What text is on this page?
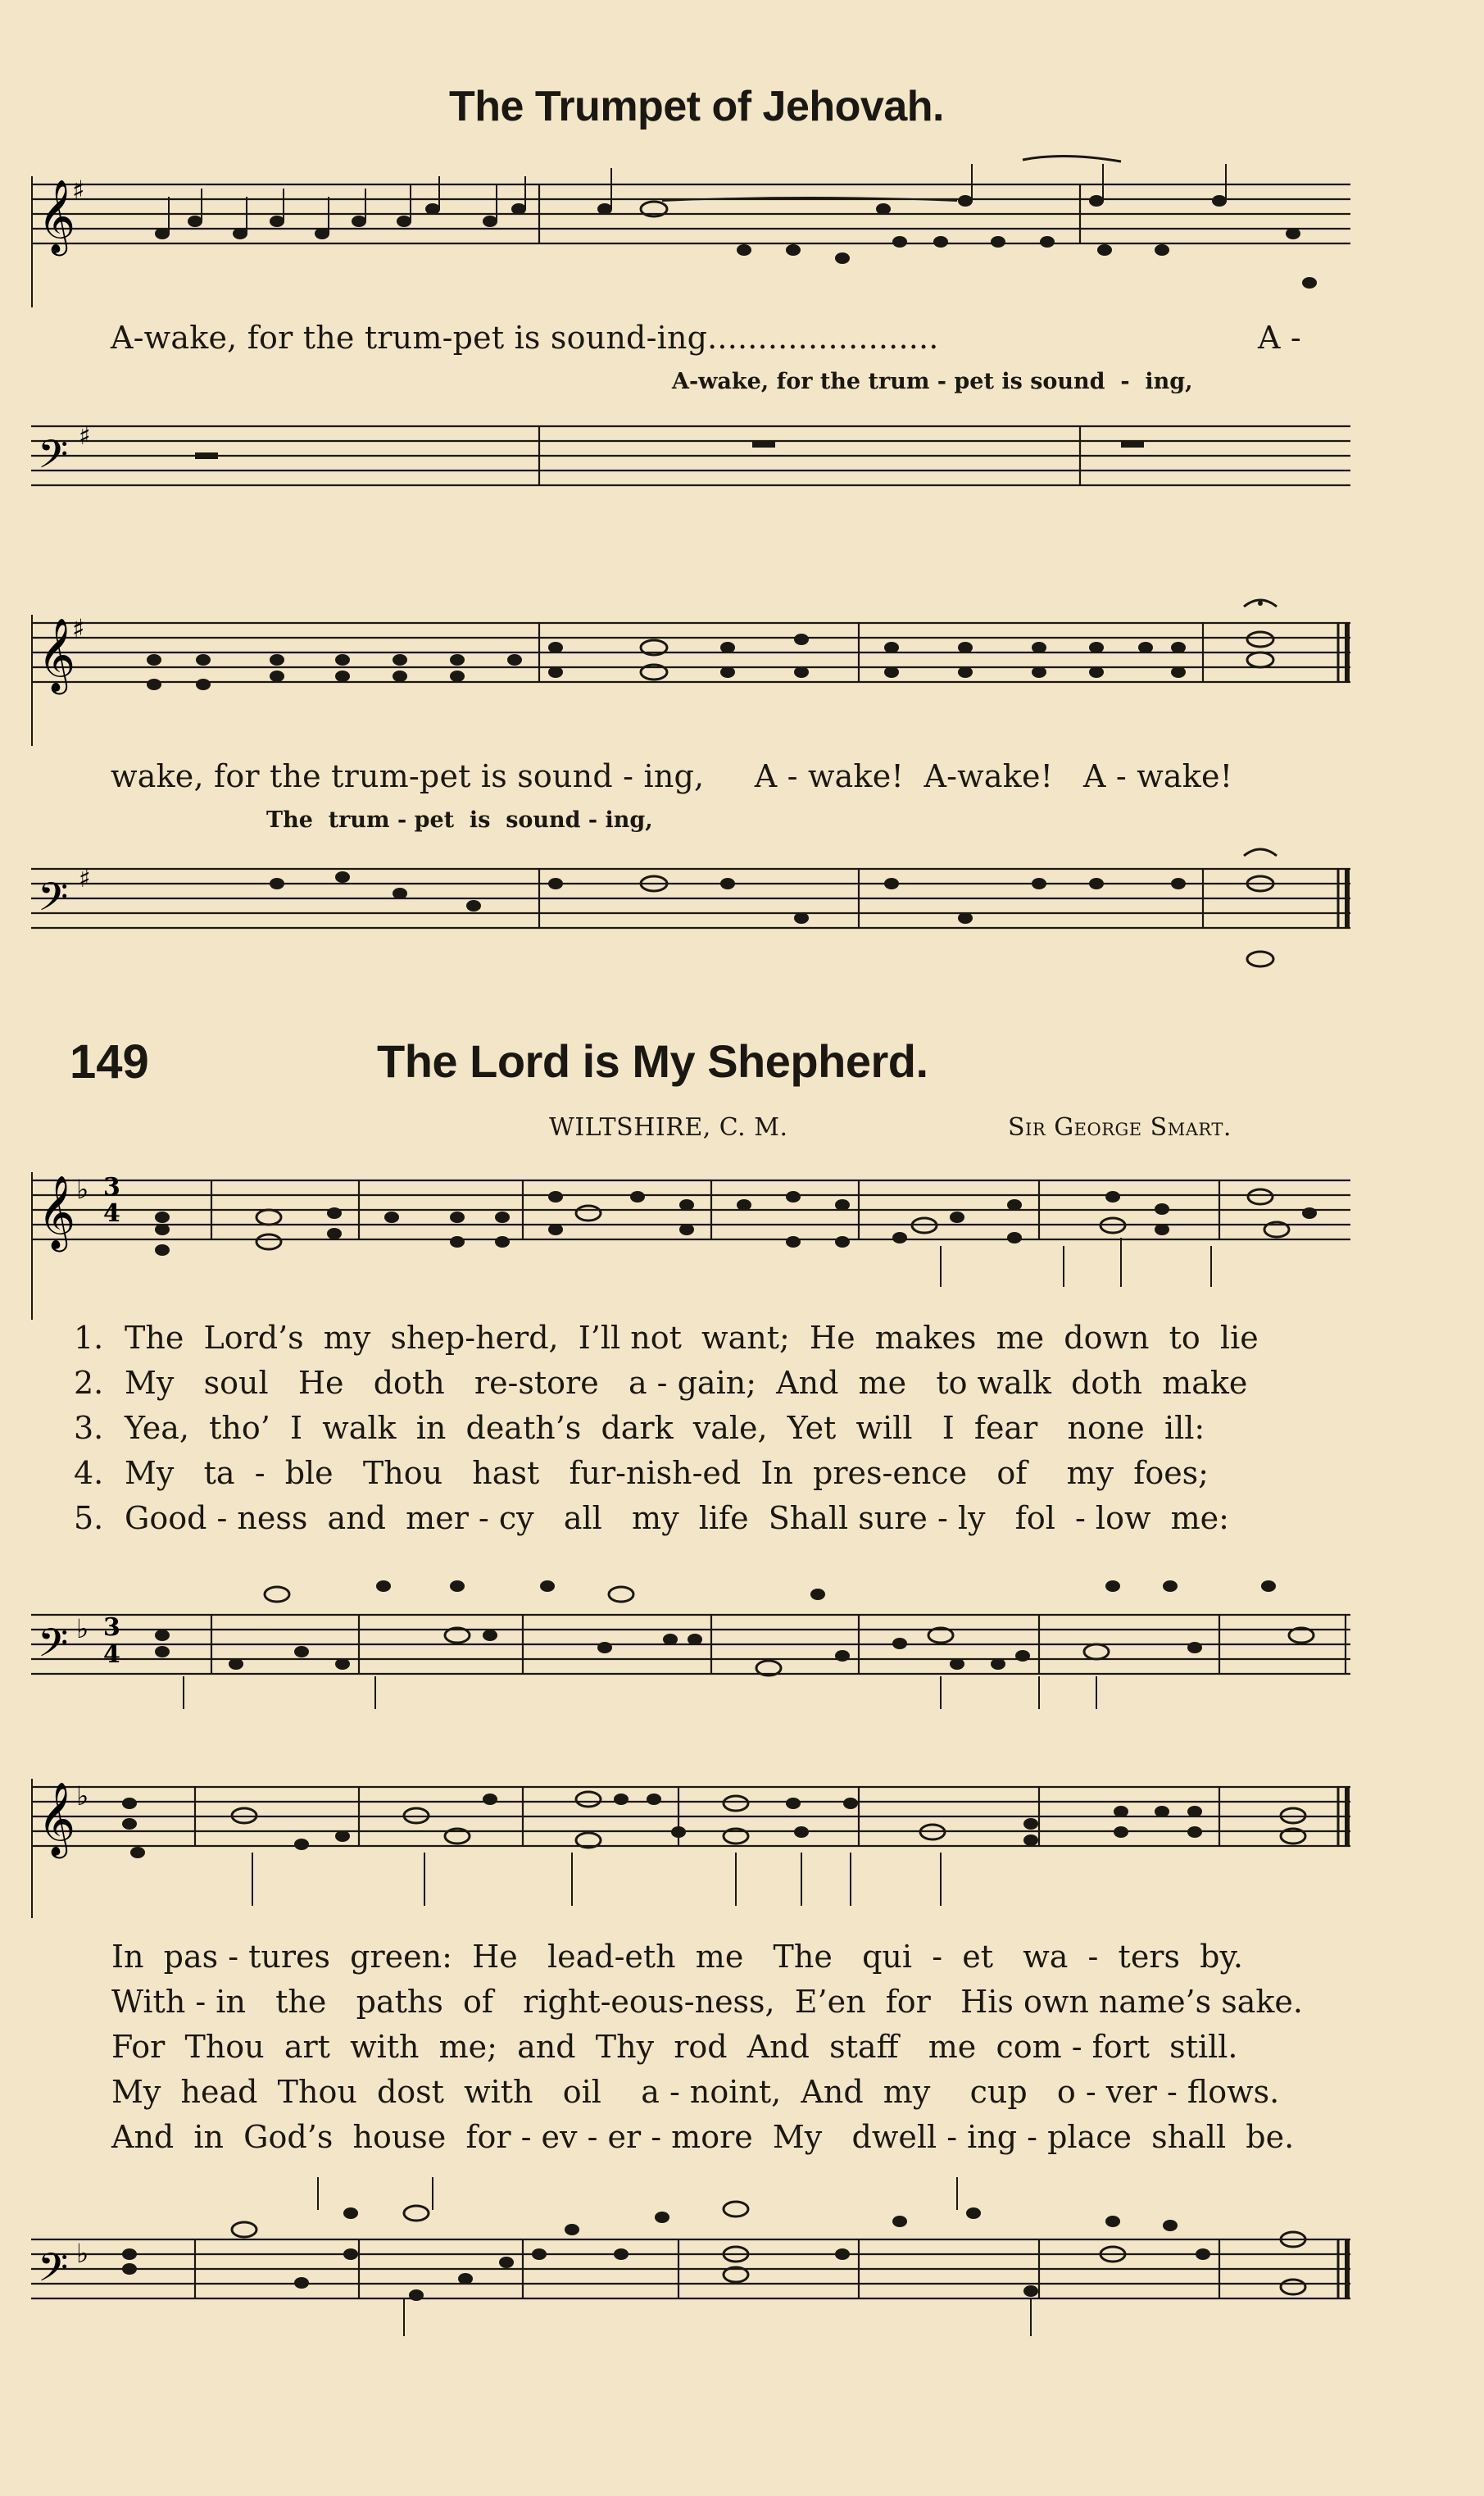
The Trumpet of Jehovah.
𝄞
♯
A-wake, for the trum-pet is sound-ing.......................	A -
A-wake, for the trum - pet is sound  -  ing,
𝄢 ♯
𝄞
♯
wake, for the trum-pet is sound - ing,     A - wake!  A-wake!   A - wake!
The  trum - pet  is  sound - ing,
𝄢 ♯
149	The Lord is My Shepherd.
WILTSHIRE, C. M.	Sir George Smart.
𝄞 ♭ 3
4
1. The  Lord’s  my  shep-herd,  I’ll not  want;  He  makes  me  down  to  lie
2. My   soul   He   doth   re-store   a - gain;  And  me   to walk  doth  make
3. Yea,  tho’  I  walk  in  death’s  dark  vale,  Yet  will   I  fear   none  ill:
4. My   ta  -  ble   Thou   hast   fur-nish-ed  In  pres-ence   of    my  foes;
5. Good - ness  and  mer - cy   all   my  life  Shall sure - ly   fol  - low  me:
𝄢 ♭ 3
4
𝄞 ♭
In  pas - tures  green:  He   lead-eth  me   The   qui  -  et   wa  -  ters  by.
With - in   the   paths  of   right-eous-ness,  E’en  for   His own name’s sake.
For  Thou  art  with  me;  and  Thy  rod  And  staff   me  com - fort  still.
My  head  Thou  dost  with   oil    a - noint,  And  my    cup   o - ver - flows.
And  in  God’s  house  for - ev - er - more  My   dwell - ing - place  shall  be.
𝄢 ♭
